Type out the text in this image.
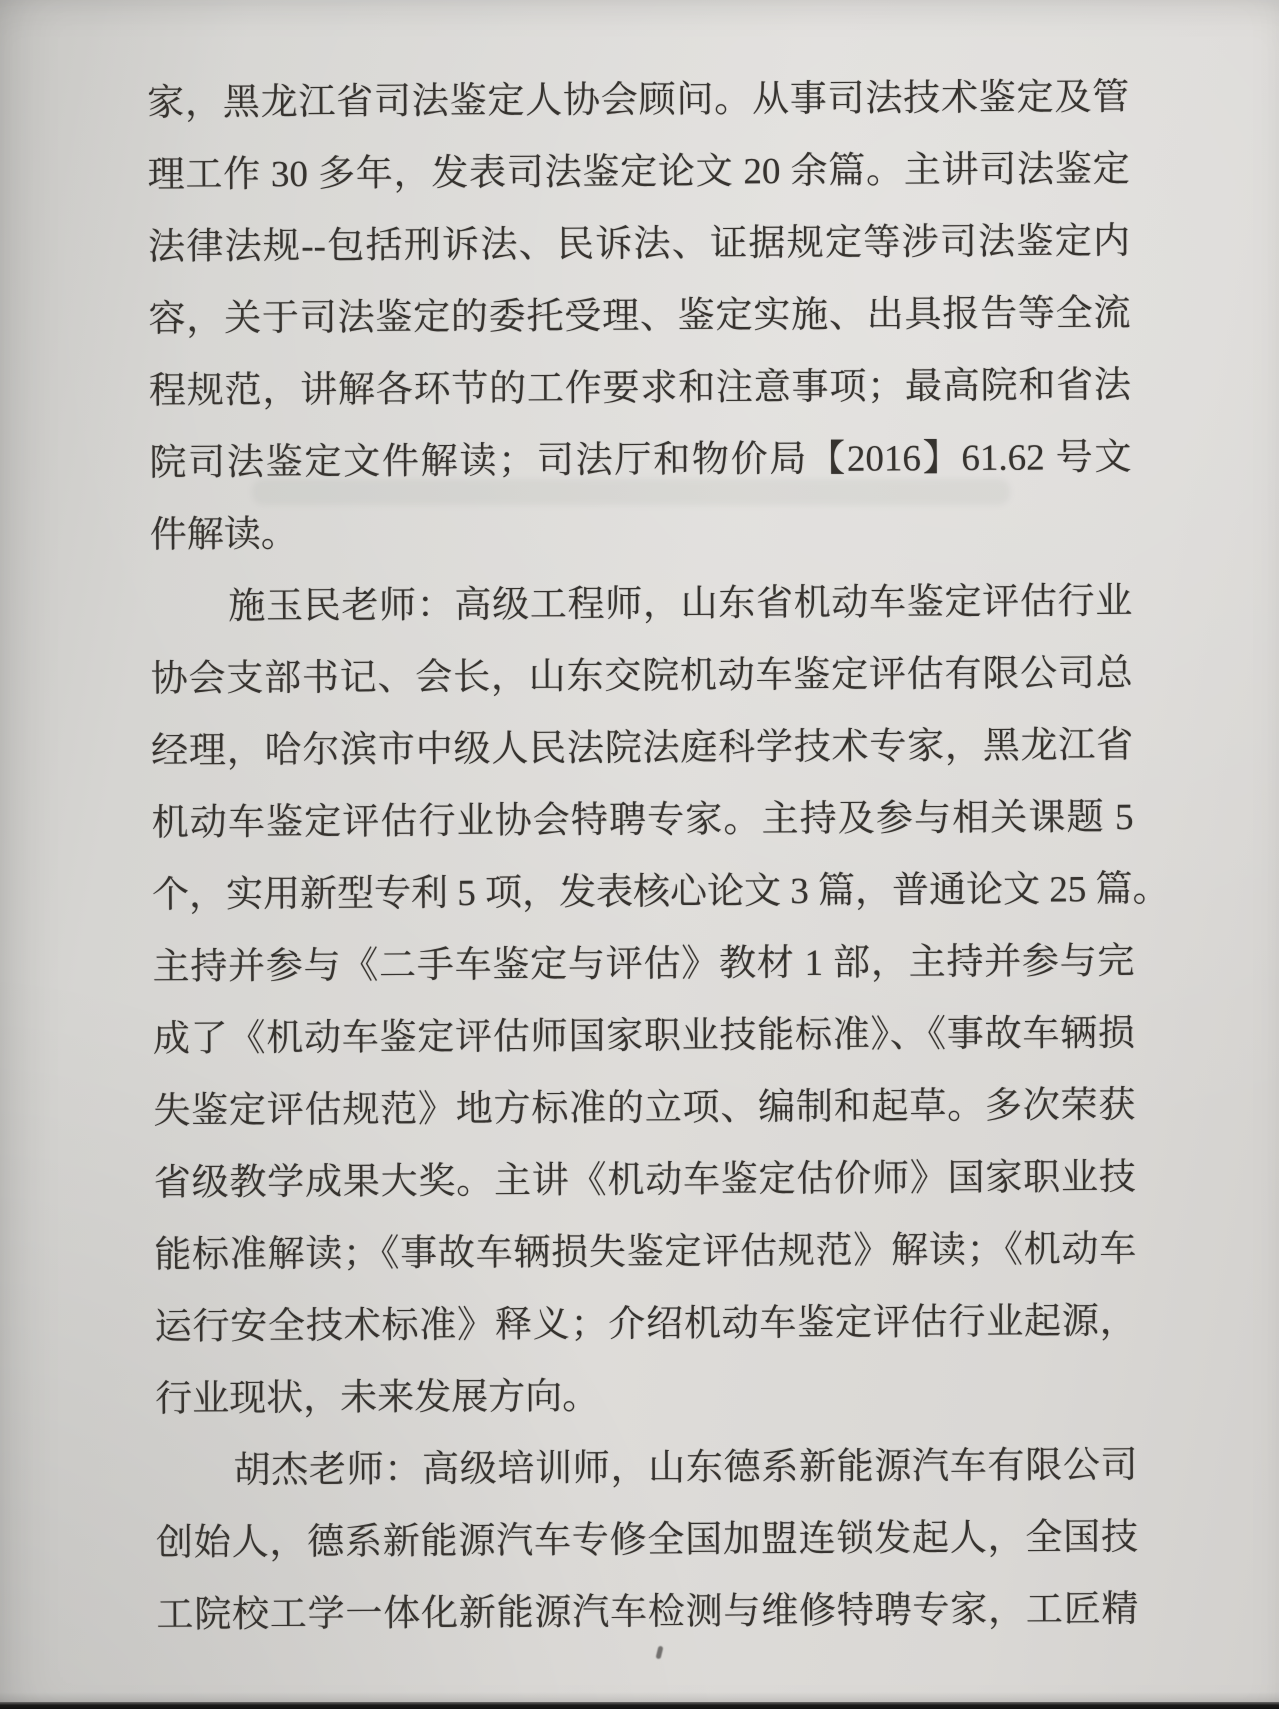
家，黑龙江省司法鉴定人协会顾问。从事司法技术鉴定及管
理工作 30 多年，发表司法鉴定论文 20 余篇。主讲司法鉴定
法律法规--包括刑诉法、民诉法、证据规定等涉司法鉴定内
容，关于司法鉴定的委托受理、鉴定实施、出具报告等全流
程规范，讲解各环节的工作要求和注意事项；最高院和省法
院司法鉴定文件解读；司法厅和物价局【2016】61.62 号文
件解读。
施玉民老师：高级工程师，山东省机动车鉴定评估行业
协会支部书记、会长，山东交院机动车鉴定评估有限公司总
经理，哈尔滨市中级人民法院法庭科学技术专家，黑龙江省
机动车鉴定评估行业协会特聘专家。主持及参与相关课题 5
个，实用新型专利 5 项，发表核心论文 3 篇，普通论文 25 篇。
主持并参与《二手车鉴定与评估》教材 1 部，主持并参与完
成了《机动车鉴定评估师国家职业技能标准》、《事故车辆损
失鉴定评估规范》地方标准的立项、编制和起草。多次荣获
省级教学成果大奖。主讲《机动车鉴定估价师》国家职业技
能标准解读；《事故车辆损失鉴定评估规范》解读；《机动车
运行安全技术标准》释义；介绍机动车鉴定评估行业起源，
行业现状，未来发展方向。
胡杰老师：高级培训师，山东德系新能源汽车有限公司
创始人，德系新能源汽车专修全国加盟连锁发起人，全国技
工院校工学一体化新能源汽车检测与维修特聘专家，工匠精
